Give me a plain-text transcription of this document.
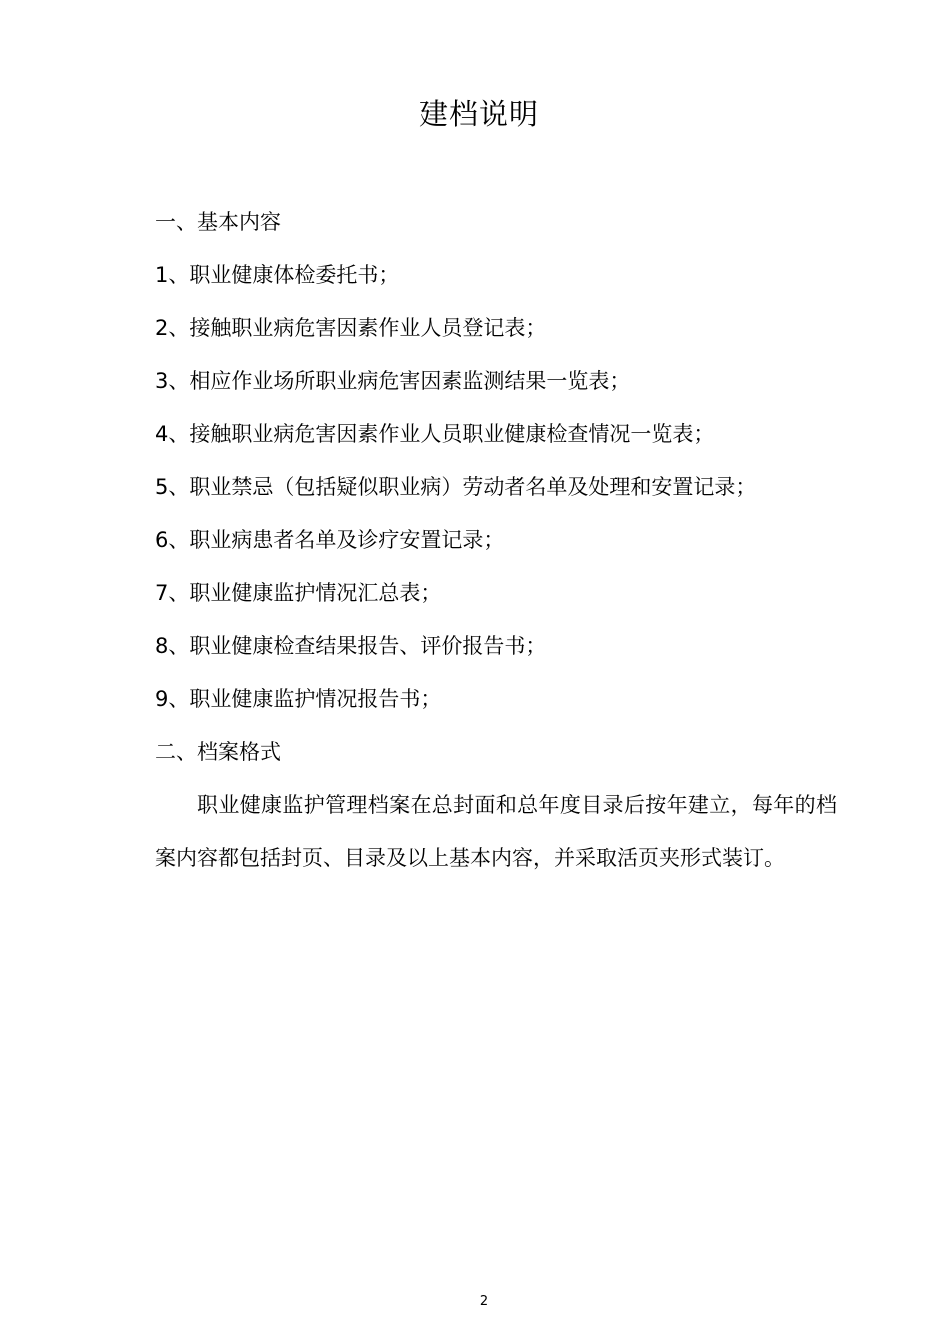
建档说明
一、基本内容
1、职业健康体检委托书；
2、接触职业病危害因素作业人员登记表；
3、相应作业场所职业病危害因素监测结果一览表；
4、接触职业病危害因素作业人员职业健康检查情况一览表；
5、职业禁忌（包括疑似职业病）劳动者名单及处理和安置记录；
6、职业病患者名单及诊疗安置记录；
7、职业健康监护情况汇总表；
8、职业健康检查结果报告、评价报告书；
9、职业健康监护情况报告书；
二、档案格式

职业健康监护管理档案在总封面和总年度目录后按年建立，每年的档案内容都包括封页、目录及以上基本内容，并采取活页夹形式装订。

2
